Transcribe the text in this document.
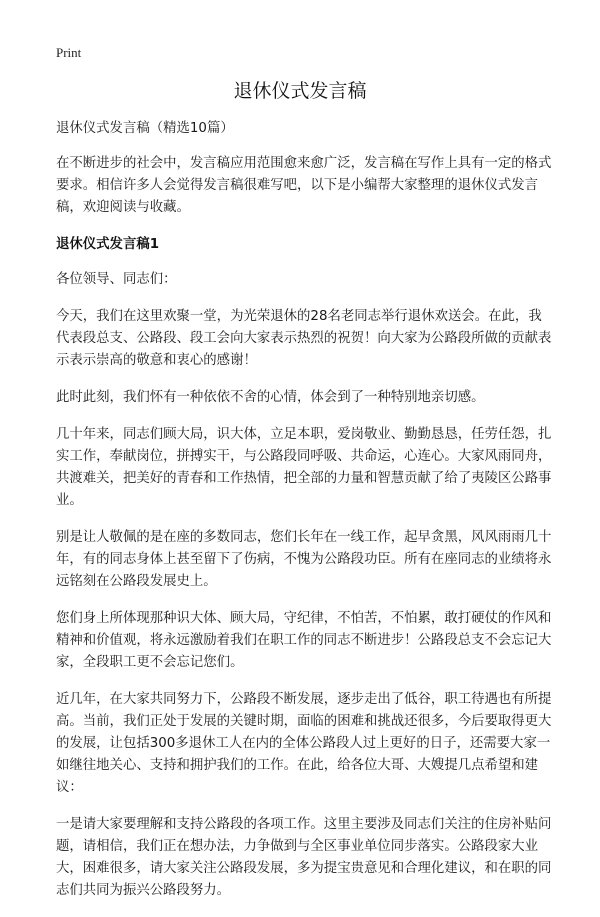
Print
退休仪式发言稿

退休仪式发言稿（精选10篇）

在不断进步的社会中，发言稿应用范围愈来愈广泛，发言稿在写作上具有一定的格式要求。相信许多人会觉得发言稿很难写吧，以下是小编帮大家整理的退休仪式发言稿，欢迎阅读与收藏。

退休仪式发言稿1

各位领导、同志们：

今天，我们在这里欢聚一堂，为光荣退休的28名老同志举行退休欢送会。在此，我代表段总支、公路段、段工会向大家表示热烈的祝贺！向大家为公路段所做的贡献表示表示崇高的敬意和衷心的感谢！

此时此刻，我们怀有一种依依不舍的心情，体会到了一种特别地亲切感。

几十年来，同志们顾大局，识大体，立足本职，爱岗敬业、勤勤恳恳，任劳任怨，扎实工作，奉献岗位，拼搏实干，与公路段同呼吸、共命运，心连心。大家风雨同舟，共渡难关，把美好的青春和工作热情，把全部的力量和智慧贡献了给了夷陵区公路事业。

别是让人敬佩的是在座的多数同志，您们长年在一线工作，起早贪黑，风风雨雨几十年，有的同志身体上甚至留下了伤病，不愧为公路段功臣。所有在座同志的业绩将永远铭刻在公路段发展史上。

您们身上所体现那种识大体、顾大局，守纪律，不怕苦，不怕累，敢打硬仗的作风和精神和价值观，将永远激励着我们在职工作的同志不断进步！公路段总支不会忘记大家，全段职工更不会忘记您们。

近几年，在大家共同努力下，公路段不断发展，逐步走出了低谷，职工待遇也有所提高。当前，我们正处于发展的关键时期，面临的困难和挑战还很多，今后要取得更大的发展，让包括300多退休工人在内的全体公路段人过上更好的日子，还需要大家一如继往地关心、支持和拥护我们的工作。在此，给各位大哥、大嫂提几点希望和建议：

一是请大家要理解和支持公路段的各项工作。这里主要涉及同志们关注的住房补贴问题，请相信，我们正在想办法，力争做到与全区事业单位同步落实。公路段家大业大，困难很多，请大家关注公路段发展，多为提宝贵意见和合理化建议，和在职的同志们共同为振兴公路段努力。
